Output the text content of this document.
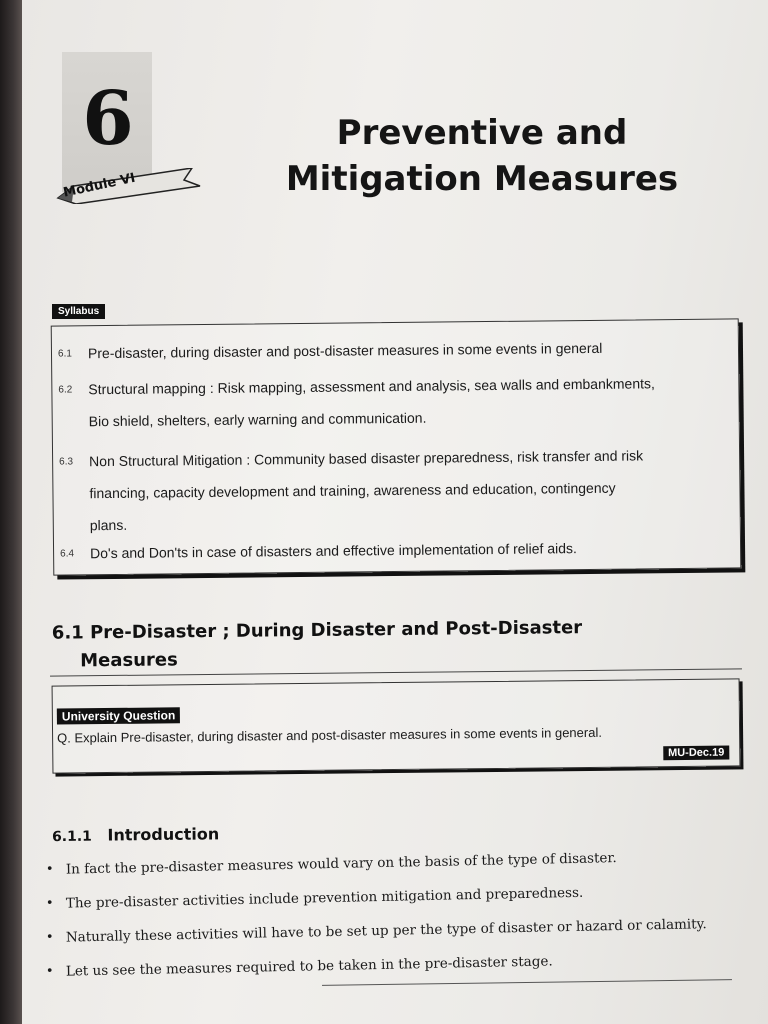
6
Module VI
Preventive and
Mitigation Measures
Syllabus
6.1 Pre-disaster, during disaster and post-disaster measures in some events in general
6.2 Structural mapping : Risk mapping, assessment and analysis, sea walls and embankments,
Bio shield, shelters, early warning and communication.
6.3 Non Structural Mitigation : Community based disaster preparedness, risk transfer and risk
financing, capacity development and training, awareness and education, contingency
plans.
6.4 Do's and Don'ts in case of disasters and effective implementation of relief aids.
6.1 Pre-Disaster ; During Disaster and Post-Disaster
Measures
University Question
Q. Explain Pre-disaster, during disaster and post-disaster measures in some events in general.
MU-Dec.19
6.1.1 Introduction
• In fact the pre-disaster measures would vary on the basis of the type of disaster.
• The pre-disaster activities include prevention mitigation and preparedness.
• Naturally these activities will have to be set up per the type of disaster or hazard or calamity.
• Let us see the measures required to be taken in the pre-disaster stage.
